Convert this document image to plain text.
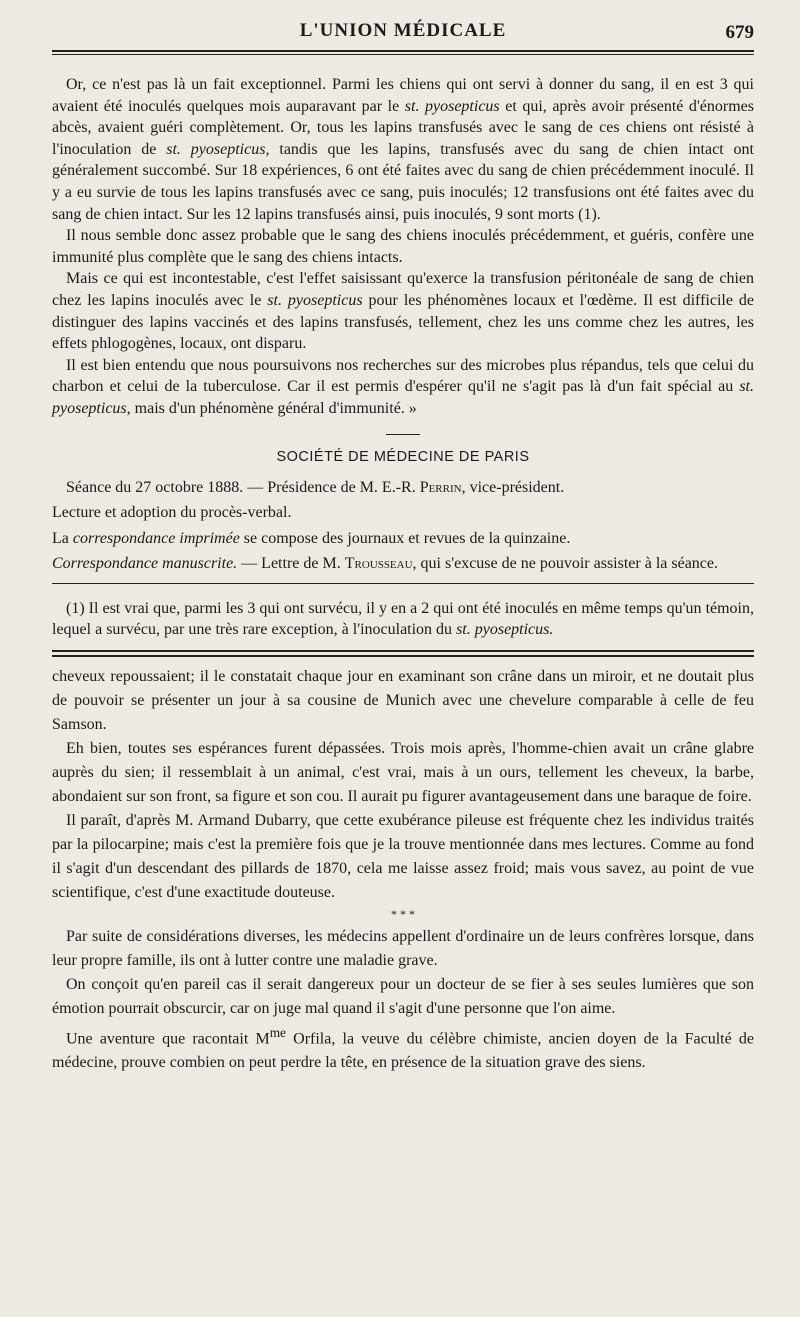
L'UNION MÉDICALE	679

Or, ce n'est pas là un fait exceptionnel. Parmi les chiens qui ont servi à donner du sang, il en est 3 qui avaient été inoculés quelques mois auparavant par le st. pyosepticus et qui, après avoir présenté d'énormes abcès, avaient guéri complètement. Or, tous les lapins transfusés avec le sang de ces chiens ont résisté à l'inoculation de st. pyosepticus, tandis que les lapins, transfusés avec du sang de chien intact ont généralement succombé. Sur 18 expériences, 6 ont été faites avec du sang de chien précédemment inoculé. Il y a eu survie de tous les lapins transfusés avec ce sang, puis inoculés; 12 transfusions ont été faites avec du sang de chien intact. Sur les 12 lapins transfusés ainsi, puis inoculés, 9 sont morts (1).

Il nous semble donc assez probable que le sang des chiens inoculés précédemment, et guéris, confère une immunité plus complète que le sang des chiens intacts.

Mais ce qui est incontestable, c'est l'effet saisissant qu'exerce la transfusion péritonéale de sang de chien chez les lapins inoculés avec le st. pyosepticus pour les phénomènes locaux et l'œdème. Il est difficile de distinguer des lapins vaccinés et des lapins transfusés, tellement, chez les uns comme chez les autres, les effets phlogogènes, locaux, ont disparu.

Il est bien entendu que nous poursuivons nos recherches sur des microbes plus répandus, tels que celui du charbon et celui de la tuberculose. Car il est permis d'espérer qu'il ne s'agit pas là d'un fait spécial au st. pyosepticus, mais d'un phénomène général d'immunité. »

SOCIÉTÉ DE MÉDECINE DE PARIS

Séance du 27 octobre 1888. — Présidence de M. E.-R. Perrin, vice-président.

Lecture et adoption du procès-verbal.

La correspondance imprimée se compose des journaux et revues de la quinzaine.

Correspondance manuscrite. — Lettre de M. Trousseau, qui s'excuse de ne pouvoir assister à la séance.

(1) Il est vrai que, parmi les 3 qui ont survécu, il y en a 2 qui ont été inoculés en même temps qu'un témoin, lequel a survécu, par une très rare exception, à l'inoculation du st. pyosepticus.

cheveux repoussaient; il le constatait chaque jour en examinant son crâne dans un miroir, et ne doutait plus de pouvoir se présenter un jour à sa cousine de Munich avec une chevelure comparable à celle de feu Samson.

Eh bien, toutes ses espérances furent dépassées. Trois mois après, l'homme-chien avait un crâne glabre auprès du sien; il ressemblait à un animal, c'est vrai, mais à un ours, tellement les cheveux, la barbe, abondaient sur son front, sa figure et son cou. Il aurait pu figurer avantageusement dans une baraque de foire.

Il paraît, d'après M. Armand Dubarry, que cette exubérance pileuse est fréquente chez les individus traités par la pilocarpine; mais c'est la première fois que je la trouve mentionnée dans mes lectures. Comme au fond il s'agit d'un descendant des pillards de 1870, cela me laisse assez froid; mais vous savez, au point de vue scientifique, c'est d'une exactitude douteuse.

* * *

Par suite de considérations diverses, les médecins appellent d'ordinaire un de leurs confrères lorsque, dans leur propre famille, ils ont à lutter contre une maladie grave.

On conçoit qu'en pareil cas il serait dangereux pour un docteur de se fier à ses seules lumières que son émotion pourrait obscurcir, car on juge mal quand il s'agit d'une personne que l'on aime.

Une aventure que racontait $M^{me}$ Orfila, la veuve du célèbre chimiste, ancien doyen de la Faculté de médecine, prouve combien on peut perdre la tête, en présence de la situation grave des siens.
